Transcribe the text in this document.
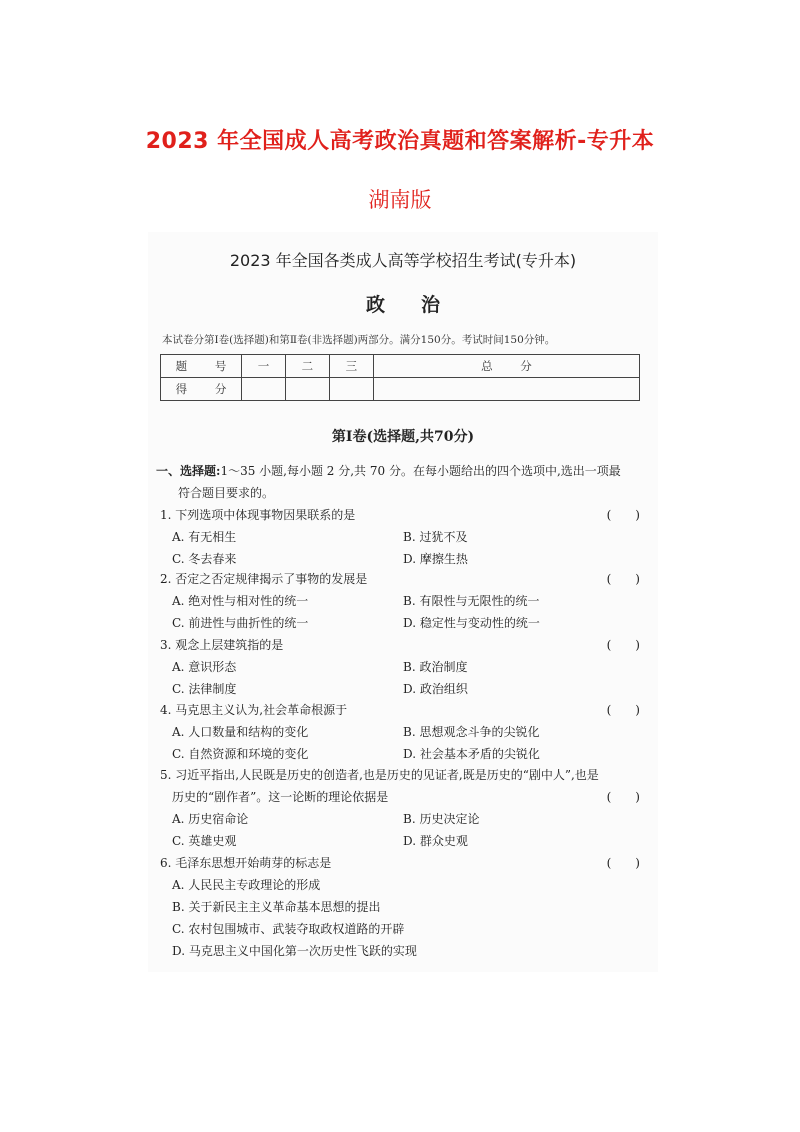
2023 年全国成人高考政治真题和答案解析-专升本
湖南版
2023 年全国各类成人高等学校招生考试(专升本)
政治
本试卷分第Ⅰ卷(选择题)和第Ⅱ卷(非选择题)两部分。满分150分。考试时间150分钟。
题 号	一	二	三	总 分
得 分				
第Ⅰ卷(选择题,共70分)
一、选择题:1～35 小题,每小题 2 分,共 70 分。在每小题给出的四个选项中,选出一项最
符合题目要求的。
1. 下列选项中体现事物因果联系的是	(　　)
A. 有无相生	B. 过犹不及
C. 冬去春来	D. 摩擦生热
2. 否定之否定规律揭示了事物的发展是	(　　)
A. 绝对性与相对性的统一	B. 有限性与无限性的统一
C. 前进性与曲折性的统一	D. 稳定性与变动性的统一
3. 观念上层建筑指的是	(　　)
A. 意识形态	B. 政治制度
C. 法律制度	D. 政治组织
4. 马克思主义认为,社会革命根源于	(　　)
A. 人口数量和结构的变化	B. 思想观念斗争的尖锐化
C. 自然资源和环境的变化	D. 社会基本矛盾的尖锐化
5. 习近平指出,人民既是历史的创造者,也是历史的见证者,既是历史的“剧中人”,也是
历史的“剧作者”。这一论断的理论依据是	(　　)
A. 历史宿命论	B. 历史决定论
C. 英雄史观	D. 群众史观
6. 毛泽东思想开始萌芽的标志是	(　　)
A. 人民民主专政理论的形成
B. 关于新民主主义革命基本思想的提出
C. 农村包围城市、武装夺取政权道路的开辟
D. 马克思主义中国化第一次历史性飞跃的实现
